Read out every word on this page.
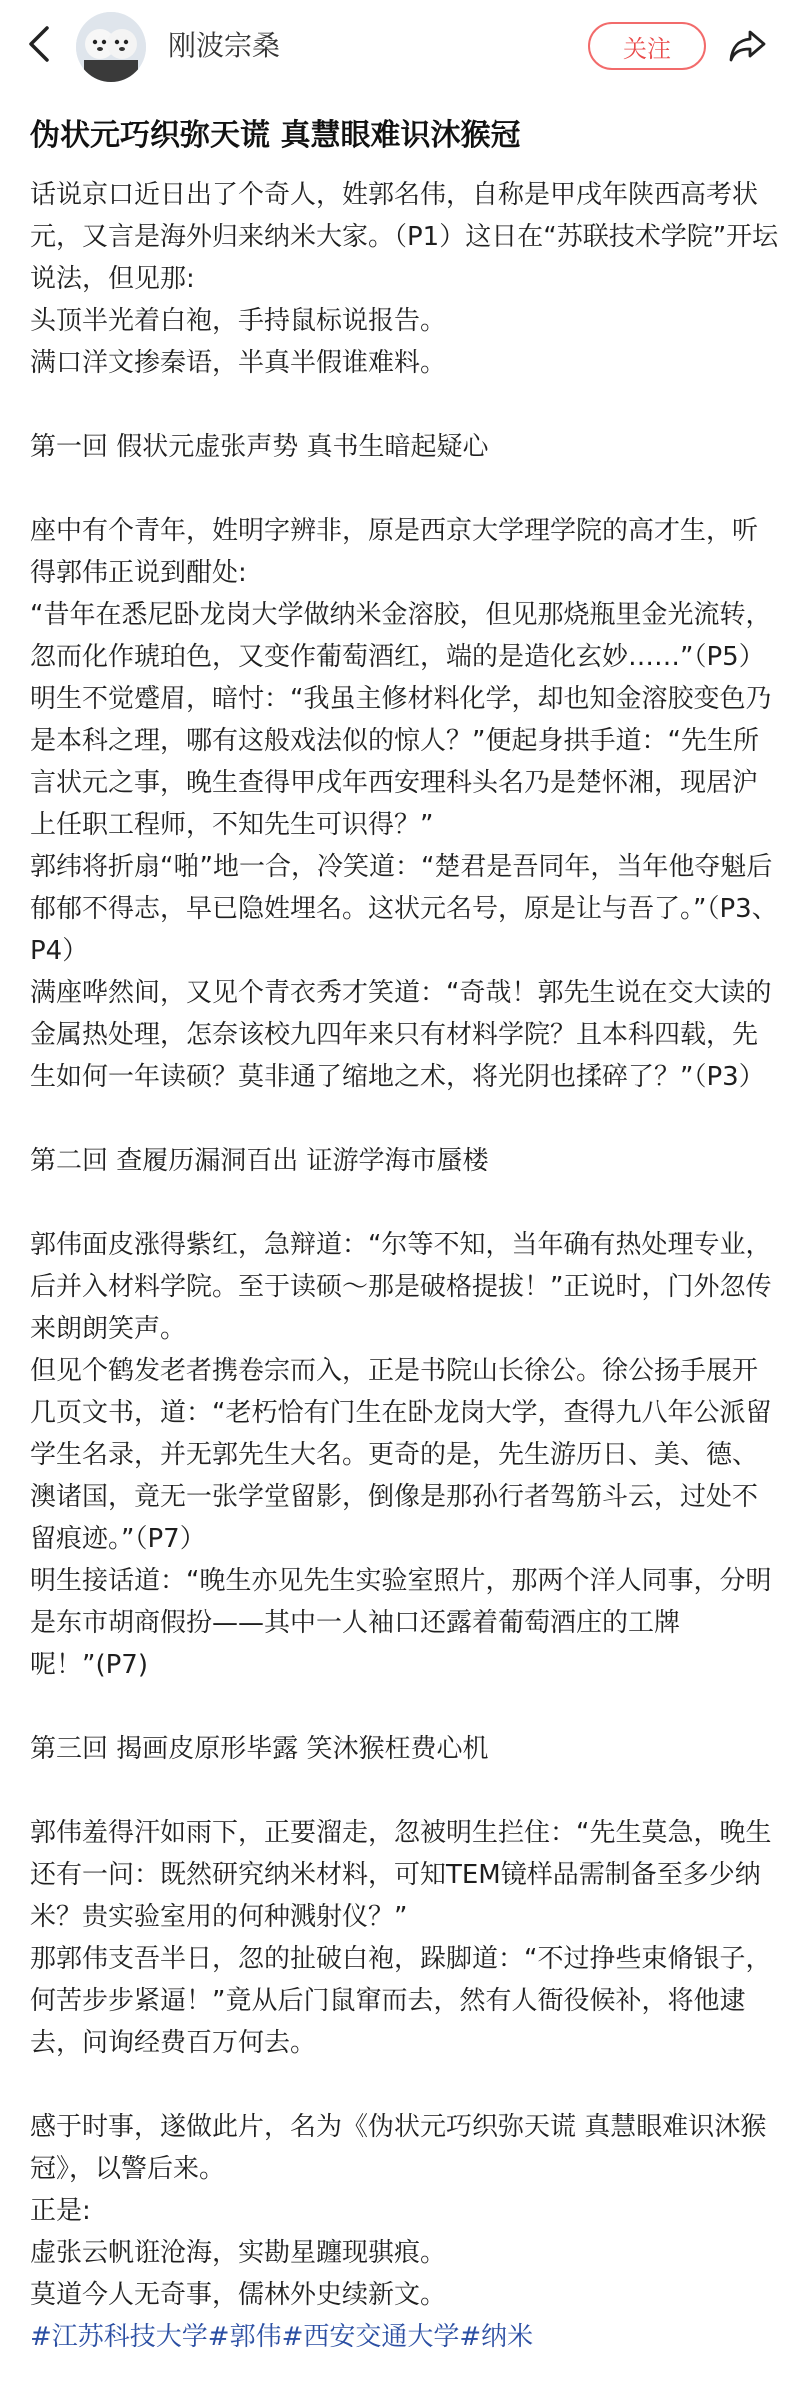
刚波宗桑	关注
伪状元巧织弥天谎 真慧眼难识沐猴冠

话说京口近日出了个奇人，姓郭名伟，自称是甲戌年陕西高考状元，又言是海外归来纳米大家。（P1）这日在“苏联技术学院”开坛说法，但见那:

头顶半光着白袍，手持鼠标说报告。

满口洋文掺秦语，半真半假谁难料。

第一回 假状元虚张声势 真书生暗起疑心

座中有个青年，姓明字辨非，原是西京大学理学院的高才生，听得郭伟正说到酣处:

“昔年在悉尼卧龙岗大学做纳米金溶胶，但见那烧瓶里金光流转，忽而化作琥珀色，又变作葡萄酒红，端的是造化玄妙……”（P5）

明生不觉蹙眉，暗忖：“我虽主修材料化学，却也知金溶胶变色乃是本科之理，哪有这般戏法似的惊人？”便起身拱手道：“先生所言状元之事，晚生查得甲戌年西安理科头名乃是楚怀湘，现居沪上任职工程师，不知先生可识得？”

郭纬将折扇“啪”地一合，冷笑道：“楚君是吾同年，当年他夺魁后郁郁不得志，早已隐姓埋名。这状元名号，原是让与吾了。”（P3、P4）

满座哗然间，又见个青衣秀才笑道：“奇哉！郭先生说在交大读的金属热处理，怎奈该校九四年来只有材料学院？且本科四载，先生如何一年读硕？莫非通了缩地之术，将光阴也揉碎了？”（P3）

第二回 查履历漏洞百出 证游学海市蜃楼

郭伟面皮涨得紫红，急辩道：“尔等不知，当年确有热处理专业，后并入材料学院。至于读硕～那是破格提拔！”正说时，门外忽传来朗朗笑声。

但见个鹤发老者携卷宗而入，正是书院山长徐公。徐公扬手展开几页文书，道：“老朽恰有门生在卧龙岗大学，查得九八年公派留学生名录，并无郭先生大名。更奇的是，先生游历日、美、德、澳诸国，竟无一张学堂留影，倒像是那孙行者驾筋斗云，过处不留痕迹。”（P7）

明生接话道：“晚生亦见先生实验室照片，那两个洋人同事，分明是东市胡商假扮——其中一人袖口还露着葡萄酒庄的工牌呢！”(P7)

第三回 揭画皮原形毕露 笑沐猴枉费心机

郭伟羞得汗如雨下，正要溜走，忽被明生拦住：“先生莫急，晚生还有一问：既然研究纳米材料，可知TEM镜样品需制备至多少纳米？贵实验室用的何种溅射仪？”

那郭伟支吾半日，忽的扯破白袍，跺脚道：“不过挣些束脩银子，何苦步步紧逼！”竟从后门鼠窜而去，然有人衙役候补，将他逮去，问询经费百万何去。

感于时事，遂做此片，名为《伪状元巧织弥天谎 真慧眼难识沐猴冠》，以警后来。

正是:

虚张云帆诳沧海，实勘星躔现骐痕。

莫道今人无奇事，儒林外史续新文。

#江苏科技大学#郭伟#西安交通大学#纳米
